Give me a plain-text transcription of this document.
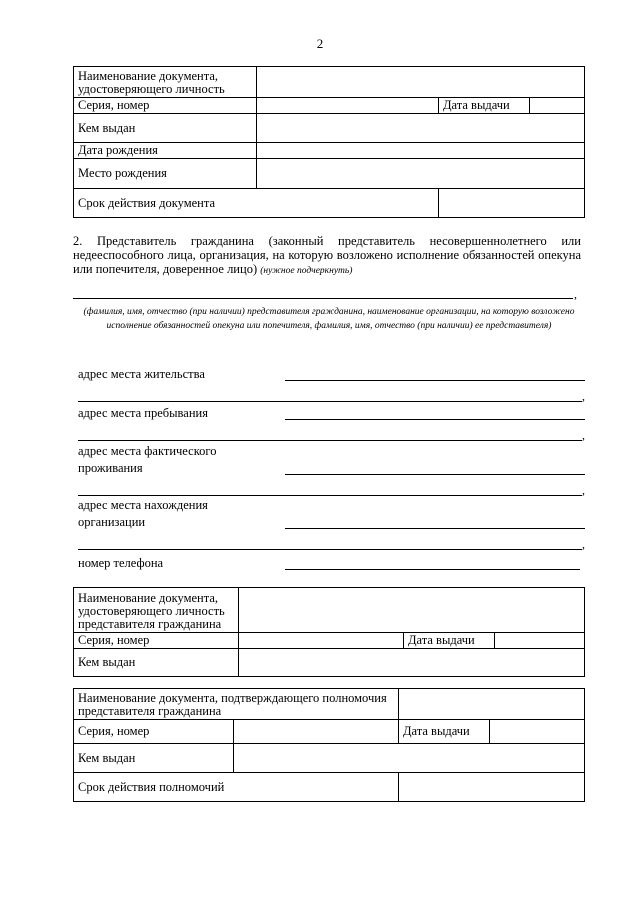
2
Наименование документа, удостоверяющего личность			
Серия, номер		Дата выдачи	
Кем выдан			
Дата рождения			
Место рождения			
Срок действия документа			
2. Представитель гражданина (законный представитель несовершеннолетнего или недееспособного лица, организация, на которую возложено исполнение обязанностей опекуна или попечителя, доверенное лицо) (нужное подчеркнуть)
,
(фамилия, имя, отчество (при наличии) представителя гражданина, наименование организации, на которую возложено исполнение обязанностей опекуна или попечителя, фамилия, имя, отчество (при наличии) ее представителя)
адрес места жительства
,
адрес места пребывания
,
адрес места фактического
проживания
,
адрес места нахождения
организации
,
номер телефона
Наименование документа, удостоверяющего личность представителя гражданина			
Серия, номер		Дата выдачи	
Кем выдан			
Наименование документа, подтверждающего полномочия представителя гражданина			
Серия, номер		Дата выдачи	
Кем выдан			
Срок действия полномочий			
